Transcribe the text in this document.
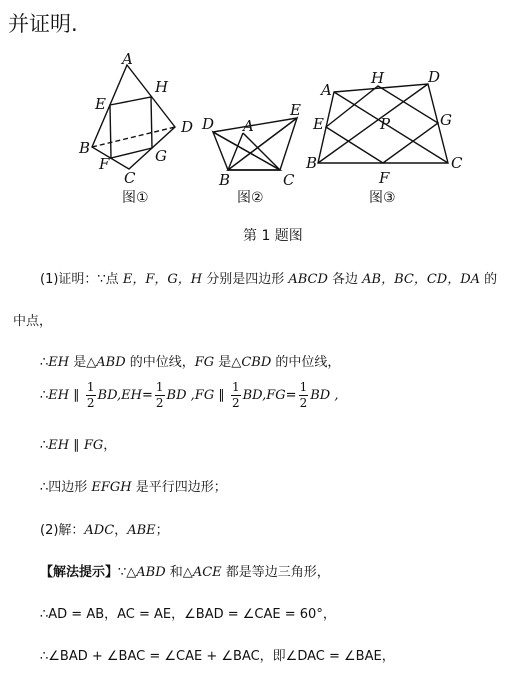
并证明.
A
H
E
D
B	G
F
C
图①
D A
E
B	C
图②
A
H	D
E	P	G
B
F
C
图③
第 1 题图
(1)证明：∵点 E，F，G，H 分别是四边形 ABCD 各边 AB，BC，CD，DA 的
中点，
∴EH 是△ABD 的中位线，FG 是△CBD 的中位线，
∴EH ∥ $\frac{1}{2} BD,EH= \frac{1}{2}$ BD ,FG ∥ $\frac{1}{2} BD,FG= \frac{1}{2}$ BD ,
∴EH ∥ FG，
∴四边形 EFGH 是平行四边形；
(2)解：ADC，ABE；
【解法提示】∵△ABD 和△ACE 都是等边三角形，
∴AD = AB，AC = AE，∠BAD = ∠CAE = 60°，
∴∠BAD + ∠BAC = ∠CAE + ∠BAC，即∠DAC = ∠BAE，
